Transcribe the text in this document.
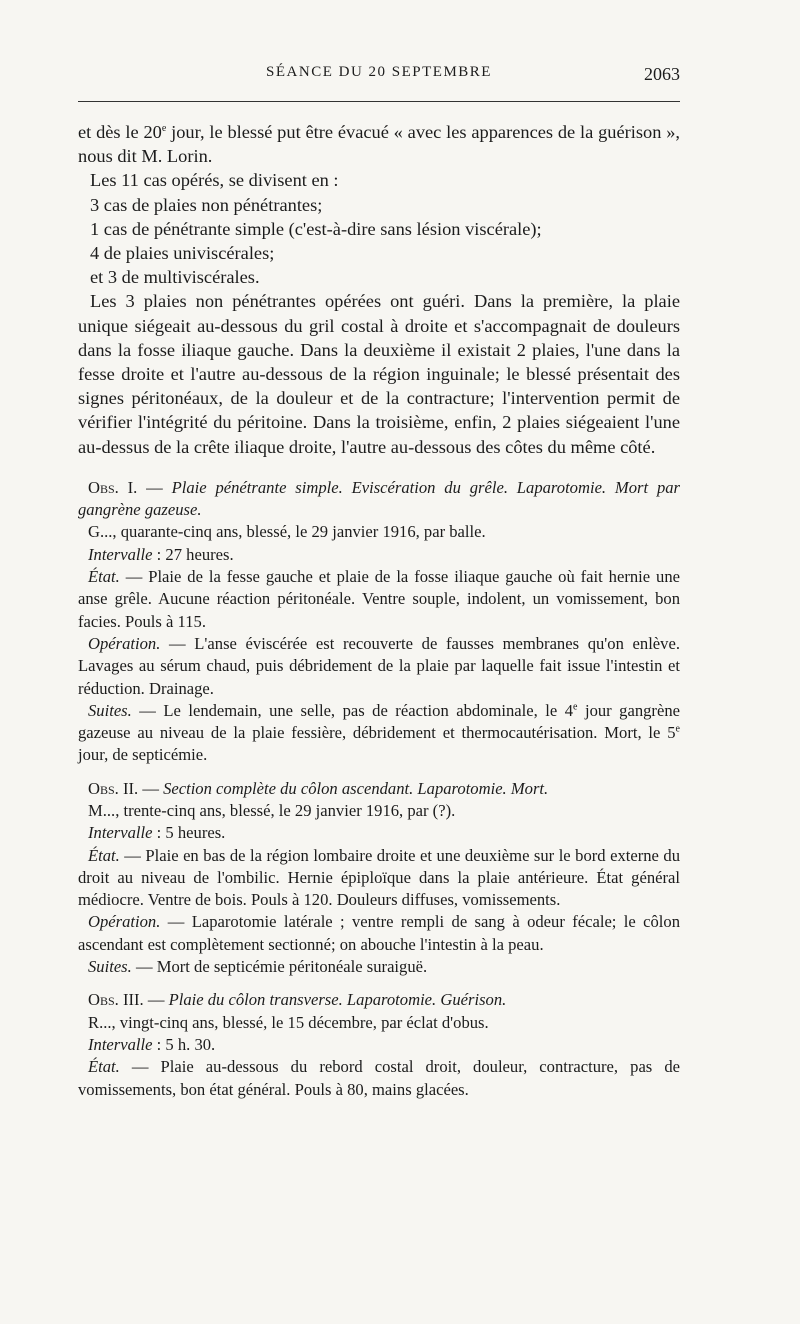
SÉANCE DU 20 SEPTEMBRE	2063

et dès le 20e jour, le blessé put être évacué « avec les apparences de la guérison », nous dit M. Lorin.

Les 11 cas opérés, se divisent en :

3 cas de plaies non pénétrantes;

1 cas de pénétrante simple (c'est-à-dire sans lésion viscérale);

4 de plaies univiscérales;

et 3 de multiviscérales.

Les 3 plaies non pénétrantes opérées ont guéri. Dans la première, la plaie unique siégeait au-dessous du gril costal à droite et s'accompagnait de douleurs dans la fosse iliaque gauche. Dans la deuxième il existait 2 plaies, l'une dans la fesse droite et l'autre au-dessous de la région inguinale; le blessé présentait des signes péritonéaux, de la douleur et de la contracture; l'intervention permit de vérifier l'intégrité du péritoine. Dans la troisième, enfin, 2 plaies siégeaient l'une au-dessus de la crête iliaque droite, l'autre au-dessous des côtes du même côté.

Obs. I. — Plaie pénétrante simple. Eviscération du grêle. Laparotomie. Mort par gangrène gazeuse.

G..., quarante-cinq ans, blessé, le 29 janvier 1916, par balle.

Intervalle : 27 heures.

État. — Plaie de la fesse gauche et plaie de la fosse iliaque gauche où fait hernie une anse grêle. Aucune réaction péritonéale. Ventre souple, indolent, un vomissement, bon facies. Pouls à 115.

Opération. — L'anse éviscérée est recouverte de fausses membranes qu'on enlève. Lavages au sérum chaud, puis débridement de la plaie par laquelle fait issue l'intestin et réduction. Drainage.

Suites. — Le lendemain, une selle, pas de réaction abdominale, le 4e jour gangrène gazeuse au niveau de la plaie fessière, débridement et thermocautérisation. Mort, le 5e jour, de septicémie.

Obs. II. — Section complète du côlon ascendant. Laparotomie. Mort.

M..., trente-cinq ans, blessé, le 29 janvier 1916, par (?).

Intervalle : 5 heures.

État. — Plaie en bas de la région lombaire droite et une deuxième sur le bord externe du droit au niveau de l'ombilic. Hernie épiploïque dans la plaie antérieure. État général médiocre. Ventre de bois. Pouls à 120. Douleurs diffuses, vomissements.

Opération. — Laparotomie latérale ; ventre rempli de sang à odeur fécale; le côlon ascendant est complètement sectionné; on abouche l'intestin à la peau.

Suites. — Mort de septicémie péritonéale suraiguë.

Obs. III. — Plaie du côlon transverse. Laparotomie. Guérison.

R..., vingt-cinq ans, blessé, le 15 décembre, par éclat d'obus.

Intervalle : 5 h. 30.

État. — Plaie au-dessous du rebord costal droit, douleur, contracture, pas de vomissements, bon état général. Pouls à 80, mains glacées.
